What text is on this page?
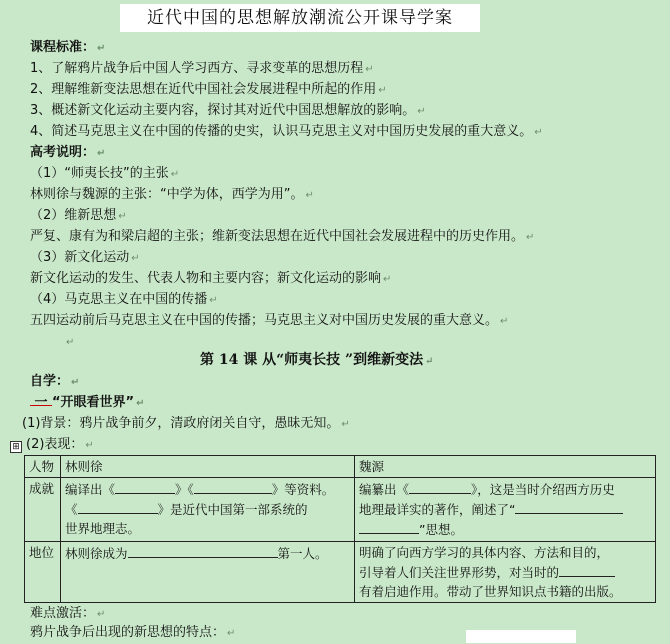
近代中国的思想解放潮流公开课导学案
课程标准： ↵
1、了解鸦片战争后中国人学习西方、寻求变革的思想历程 ↵
2、理解维新变法思想在近代中国社会发展进程中所起的作用 ↵
3、概述新文化运动主要内容，探讨其对近代中国思想解放的影响。 ↵
4、简述马克思主义在中国的传播的史实，认识马克思主义对中国历史发展的重大意义。 ↵
高考说明： ↵
（1）“师夷长技”的主张 ↵
林则徐与魏源的主张：“中学为体，西学为用”。 ↵
（2）维新思想 ↵
严复、康有为和梁启超的主张；维新变法思想在近代中国社会发展进程中的历史作用。 ↵
（3）新文化运动 ↵
新文化运动的发生、代表人物和主要内容；新文化运动的影响 ↵
（4）马克思主义在中国的传播 ↵
五四运动前后马克思主义在中国的传播；马克思主义对中国历史发展的重大意义。 ↵
↵
第 14 课 从“师夷长技 ”到维新变法 ↵
自学： ↵
一 “开眼看世界” ↵
(1)背景：鸦片战争前夕，清政府闭关自守，愚昧无知。 ↵
⊞ (2)表现： ↵
人物	林则徐	魏源
成就	编译出《 》《 》等资料。
《 》是近代中国第一部系统的
世界地理志。	编纂出《 》，这是当时介绍西方历史
地理最详实的著作，阐述了“
”思想。
地位	林则徐成为 第一人。	明确了向西方学习的具体内容、方法和目的，
引导着人们关注世界形势，对当时的
有着启迪作用。带动了世界知识点书籍的出版。
难点激活： ↵
鸦片战争后出现的新思想的特点： ↵
